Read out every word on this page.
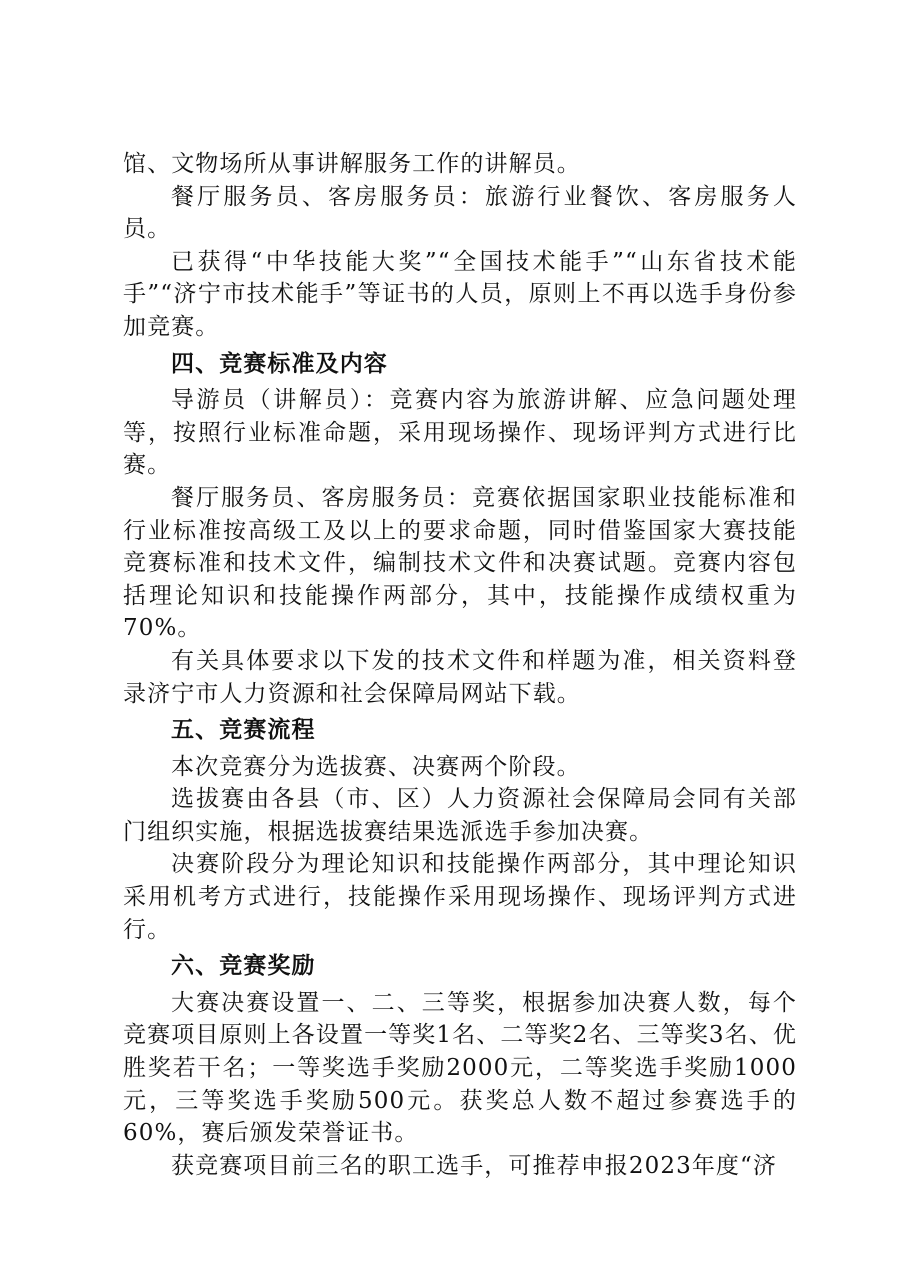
馆、文物场所从事讲解服务工作的讲解员。

餐厅服务员、客房服务员：旅游行业餐饮、客房服务人员。

已获得“中华技能大奖”“全国技术能手”“山东省技术能手”“济宁市技术能手”等证书的人员，原则上不再以选手身份参加竞赛。

四、竞赛标准及内容

导游员（讲解员）：竞赛内容为旅游讲解、应急问题处理等，按照行业标准命题，采用现场操作、现场评判方式进行比赛。

餐厅服务员、客房服务员：竞赛依据国家职业技能标准和行业标准按高级工及以上的要求命题，同时借鉴国家大赛技能竞赛标准和技术文件，编制技术文件和决赛试题。竞赛内容包括理论知识和技能操作两部分，其中，技能操作成绩权重为70%。

有关具体要求以下发的技术文件和样题为准，相关资料登录济宁市人力资源和社会保障局网站下载。

五、竞赛流程

本次竞赛分为选拔赛、决赛两个阶段。

选拔赛由各县（市、区）人力资源社会保障局会同有关部门组织实施，根据选拔赛结果选派选手参加决赛。

决赛阶段分为理论知识和技能操作两部分，其中理论知识采用机考方式进行，技能操作采用现场操作、现场评判方式进行。

六、竞赛奖励

大赛决赛设置一、二、三等奖，根据参加决赛人数，每个竞赛项目原则上各设置一等奖1名、二等奖2名、三等奖3名、优胜奖若干名；一等奖选手奖励2000元，二等奖选手奖励1000元，三等奖选手奖励500元。获奖总人数不超过参赛选手的60%，赛后颁发荣誉证书。

获竞赛项目前三名的职工选手，可推荐申报2023年度“济
